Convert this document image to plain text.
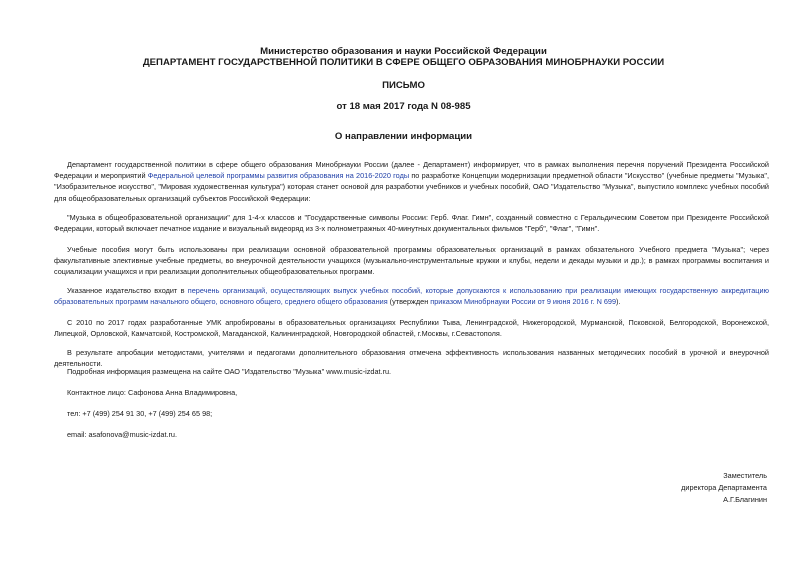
Министерство образования и науки Российской Федерации
ДЕПАРТАМЕНТ ГОСУДАРСТВЕННОЙ ПОЛИТИКИ В СФЕРЕ ОБЩЕГО ОБРАЗОВАНИЯ МИНОБРНАУКИ РОССИИ
ПИСЬМО
от 18 мая 2017 года N 08-985
О направлении информации
Департамент государственной политики в сфере общего образования Минобрнауки России (далее - Департамент) информирует, что в рамках выполнения перечня поручений Президента Российской Федерации и мероприятий Федеральной целевой программы развития образования на 2016-2020 годы по разработке Концепции модернизации предметной области "Искусство" (учебные предметы "Музыка", "Изобразительное искусство", "Мировая художественная культура") которая станет основой для разработки учебников и учебных пособий, ОАО "Издательство "Музыка", выпустило комплекс учебных пособий для общеобразовательных организаций субъектов Российской Федерации:
"Музыка в общеобразовательной организации" для 1-4-х классов и "Государственные символы России: Герб. Флаг. Гимн", созданный совместно с Геральдическим Советом при Президенте Российской Федерации, который включает печатное издание и визуальный видеоряд из 3-х полнометражных 40-минутных документальных фильмов "Герб", "Флаг", "Гимн".
Учебные пособия могут быть использованы при реализации основной образовательной программы образовательных организаций в рамках обязательного Учебного предмета "Музыка"; через факультативные элективные учебные предметы, во внеурочной деятельности учащихся (музыкально-инструментальные кружки и клубы, недели и декады музыки и др.); в рамках программы воспитания и социализации учащихся и при реализации дополнительных общеобразовательных программ.
Указанное издательство входит в перечень организаций, осуществляющих выпуск учебных пособий, которые допускаются к использованию при реализации имеющих государственную аккредитацию образовательных программ начального общего, основного общего, среднего общего образования (утвержден приказом Минобрнауки России от 9 июня 2016 г. N 699).
С 2010 по 2017 годах разработанные УМК апробированы в образовательных организациях Республики Тыва, Ленинградской, Нижегородской, Мурманской, Псковской, Белгородской, Воронежской, Липецкой, Орловской, Камчатской, Костромской, Магаданской, Калининградской, Новгородской областей, г.Москвы, г.Севастополя.
В результате апробации методистами, учителями и педагогами дополнительного образования отмечена эффективность использования названных методических пособий в урочной и внеурочной деятельности.
Подробная информация размещена на сайте ОАО "Издательство "Музыка" www.music-izdat.ru.
Контактное лицо: Сафонова Анна Владимировна,
тел: +7 (499) 254 91 30, +7 (499) 254 65 98;
email: asafonova@music-izdat.ru.
Заместитель
директора Департамента
А.Г.Благинин
